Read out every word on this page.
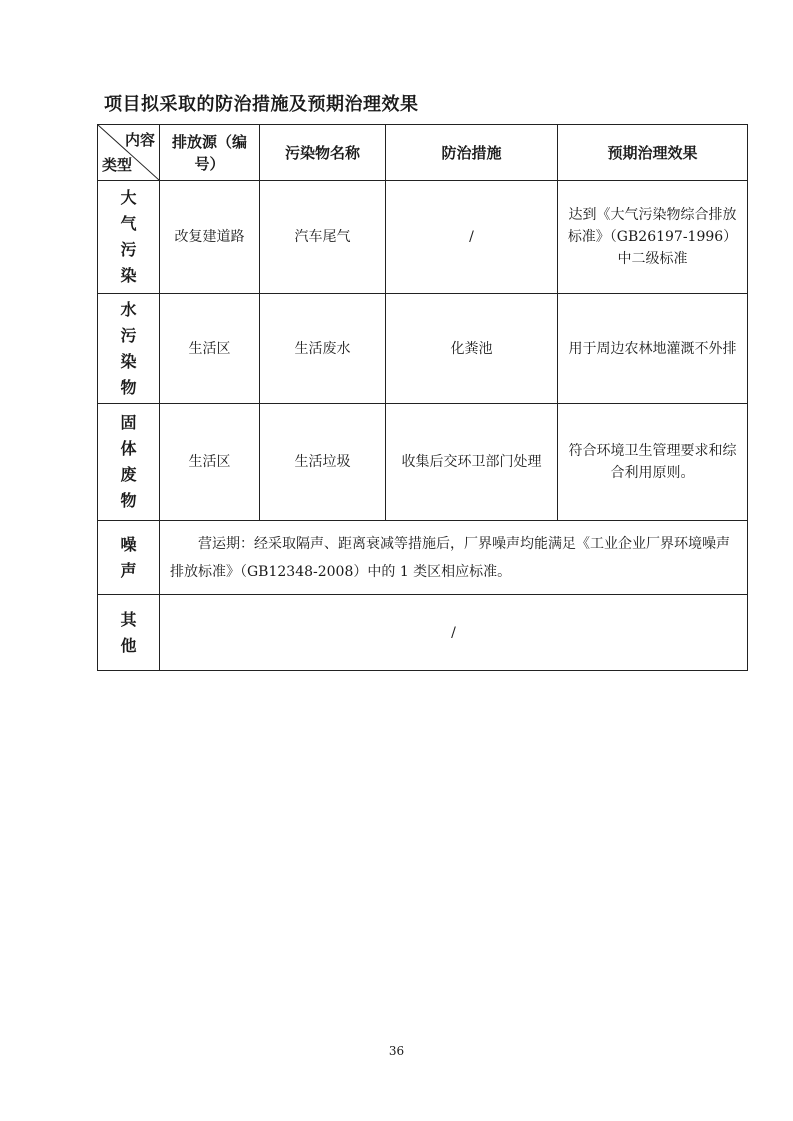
项目拟采取的防治措施及预期治理效果
内容
类型	排放源（编号）	污染物名称	防治措施	预期治理效果
大气污染	改复建道路	汽车尾气	/	达到《大气污染物综合排放标准》（GB26197-1996）中二级标准
水污染物	生活区	生活废水	化粪池	用于周边农林地灌溉不外排
固体废物	生活区	生活垃圾	收集后交环卫部门处理	符合环境卫生管理要求和综合利用原则。
噪声	营运期：经采取隔声、距离衰减等措施后，厂界噪声均能满足《工业企业厂界环境噪声排放标准》（GB12348-2008）中的 1 类区相应标准。			
其他	/			
36
